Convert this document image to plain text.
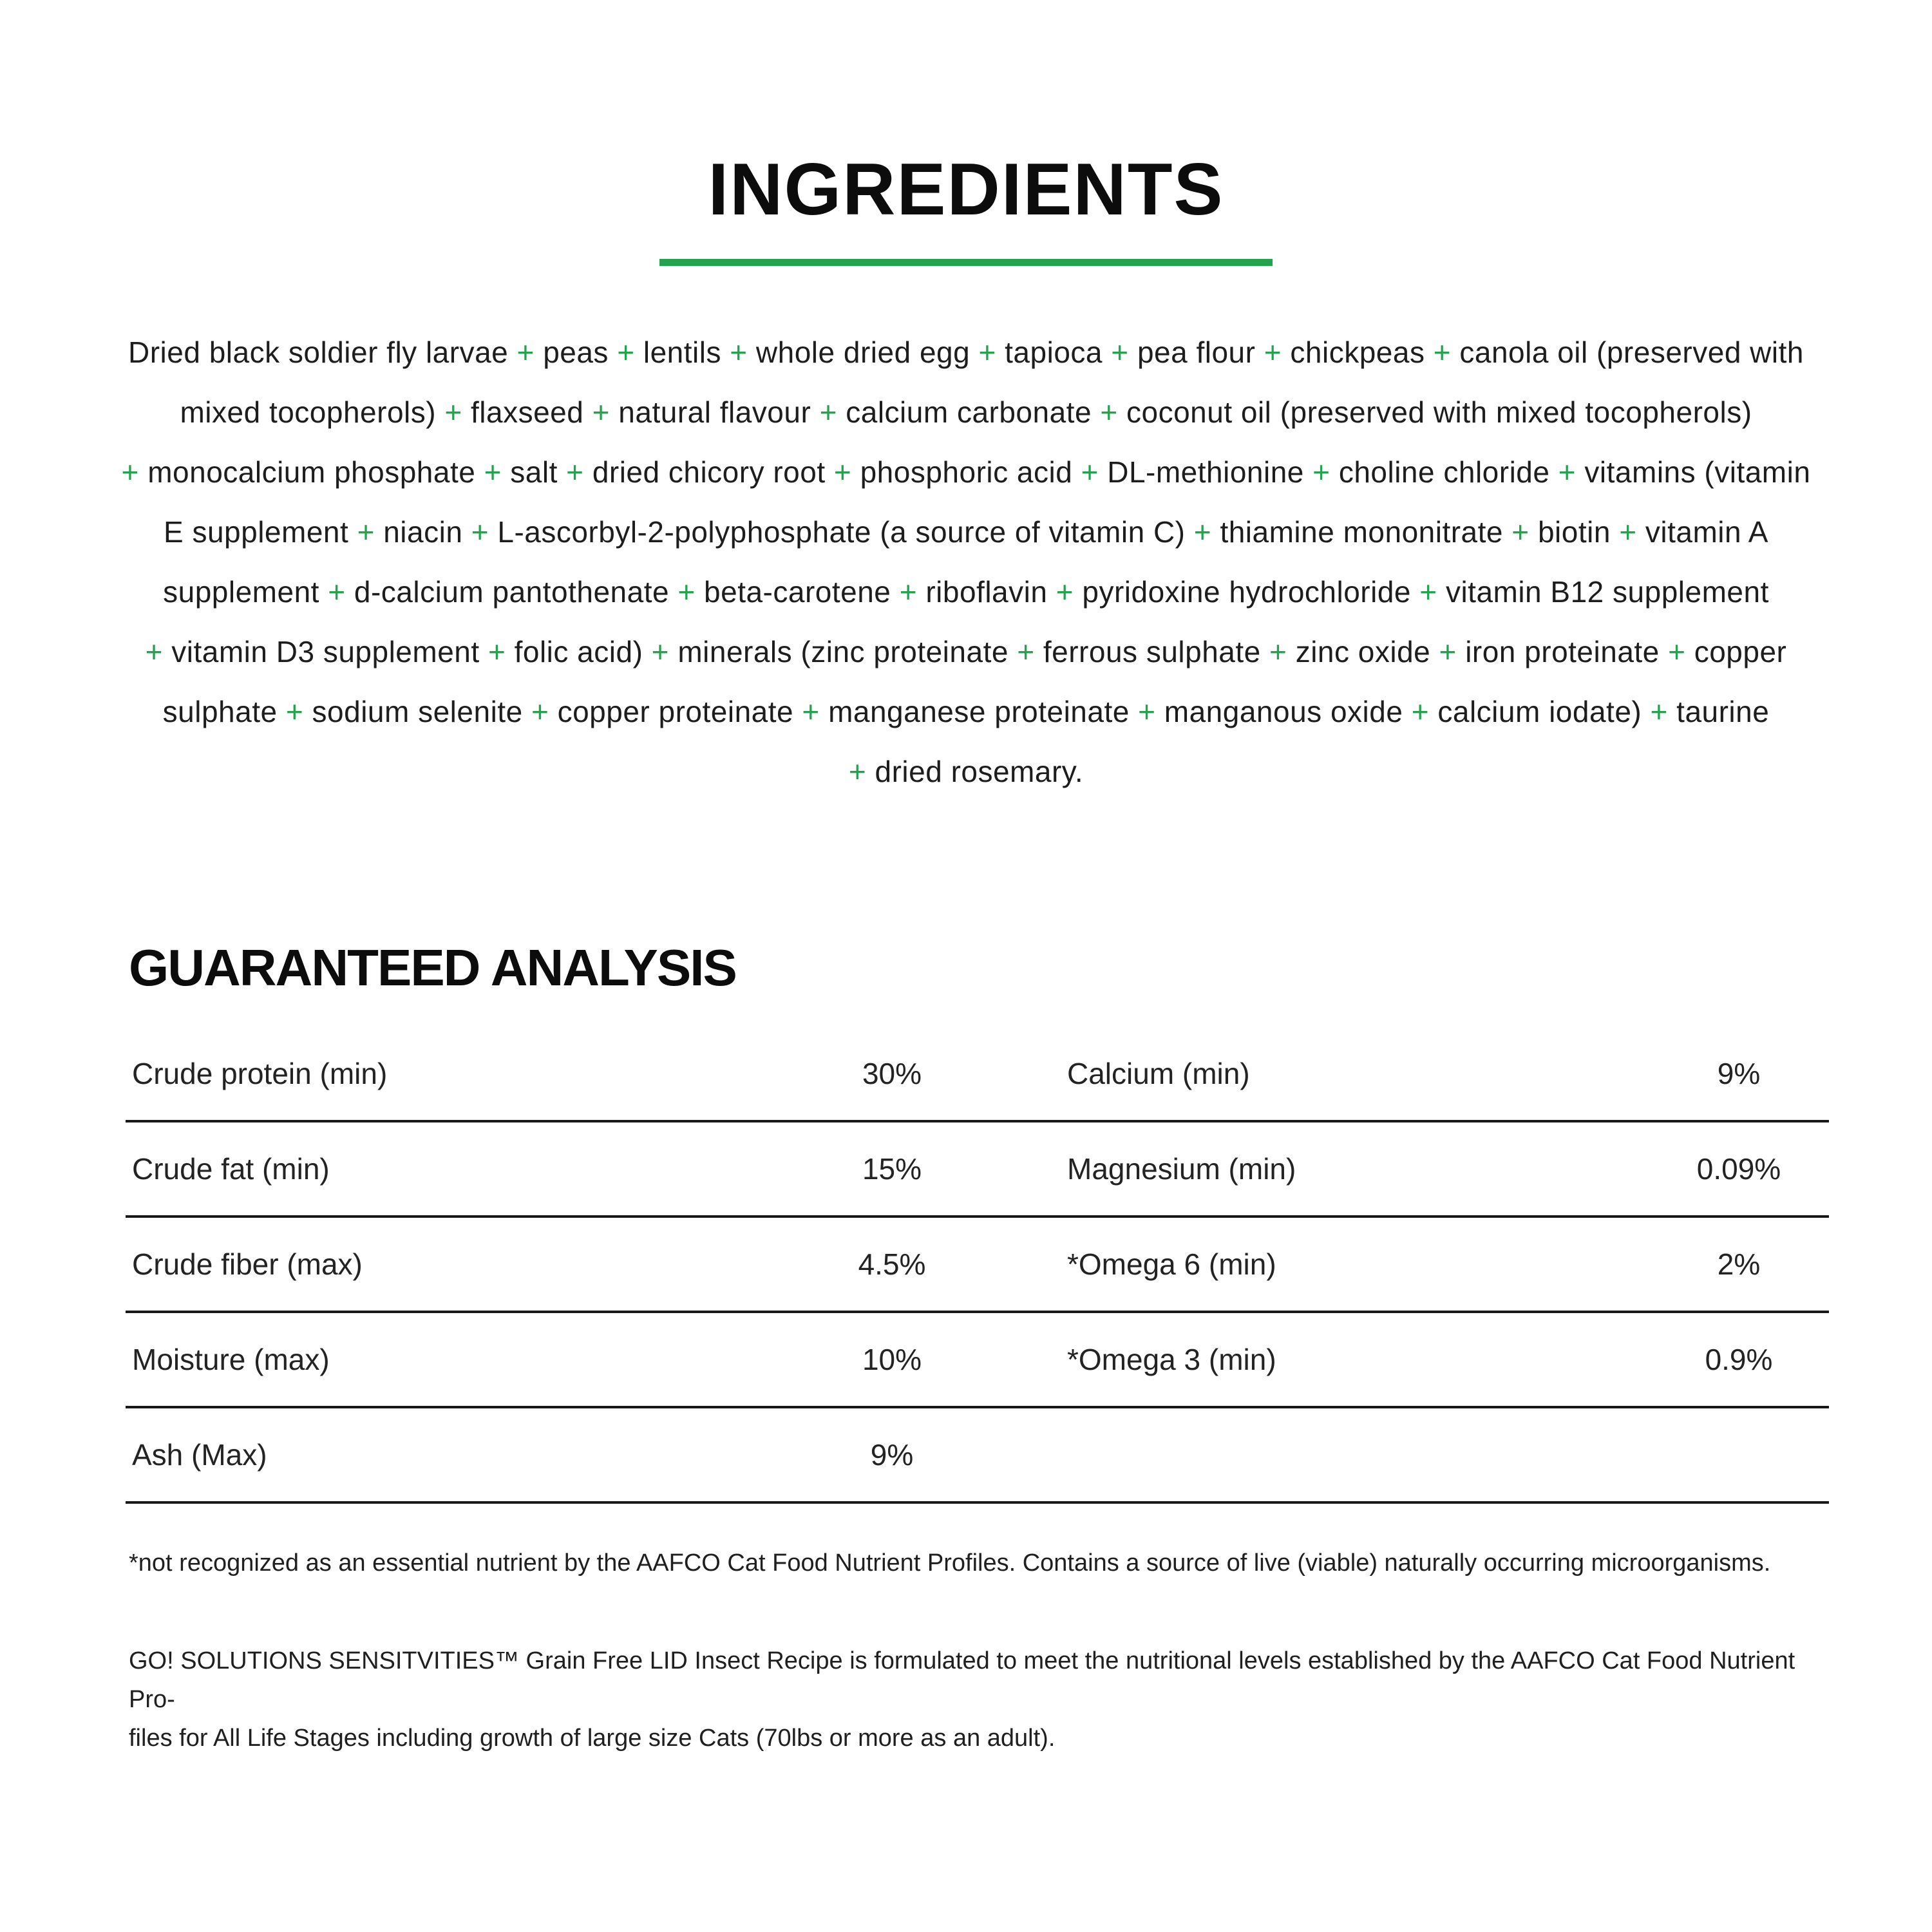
INGREDIENTS

Dried black soldier fly larvae + peas + lentils + whole dried egg + tapioca + pea flour + chickpeas + canola oil (preserved with mixed tocopherols) + flaxseed + natural flavour + calcium carbonate + coconut oil (preserved with mixed tocopherols) + monocalcium phosphate + salt + dried chicory root + phosphoric acid + DL-methionine + choline chloride + vitamins (vitamin E supplement + niacin + L-ascorbyl-2-polyphosphate (a source of vitamin C) + thiamine mononitrate + biotin + vitamin A supplement + d-calcium pantothenate + beta-carotene + riboflavin + pyridoxine hydrochloride + vitamin B12 supplement + vitamin D3 supplement + folic acid) + minerals (zinc proteinate + ferrous sulphate + zinc oxide + iron proteinate + copper sulphate + sodium selenite + copper proteinate + manganese proteinate + manganous oxide + calcium iodate) + taurine + dried rosemary.

GUARANTEED ANALYSIS
Crude protein (min)	30%	Calcium (min)	9%
Crude fat (min)	15%	Magnesium (min)	0.09%
Crude fiber (max)	4.5%	*Omega 6 (min)	2%
Moisture (max)	10%	*Omega 3 (min)	0.9%
Ash (Max)	9%

*not recognized as an essential nutrient by the AAFCO Cat Food Nutrient Profiles. Contains a source of live (viable) naturally occurring microorganisms.

GO! SOLUTIONS SENSITVITIES™ Grain Free LID Insect Recipe is formulated to meet the nutritional levels established by the AAFCO Cat Food Nutrient Pro-
files for All Life Stages including growth of large size Cats (70lbs or more as an adult).
